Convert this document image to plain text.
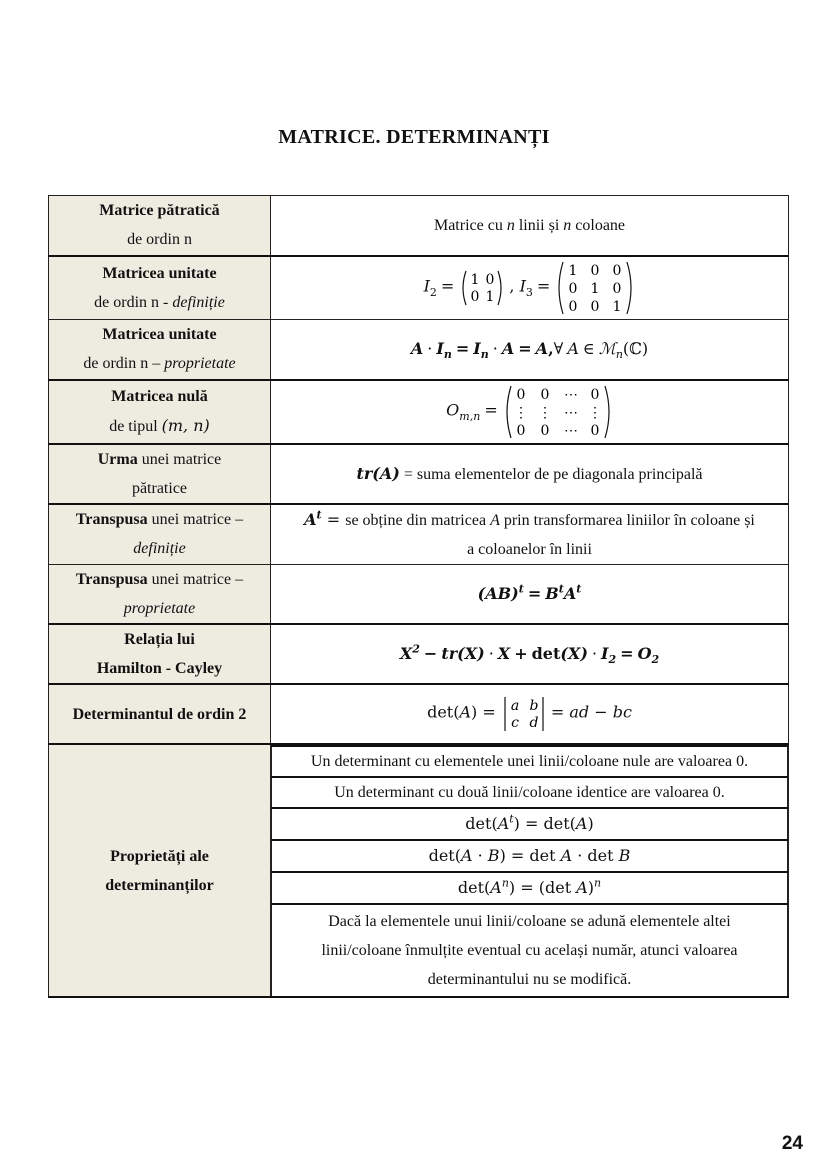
MATRICE. DETERMINANȚI
Matrice pătratică
de ordin n	Matrice cu n linii și n coloane
Matricea unitate
de ordin n - definiție	$I_2 = 1$ 0
0 1
, $I_3$ =
1 0 0
0 1 0
0 0 1

Matricea unitate
de ordin n – proprietate	$A \cdot I_n = I_n \cdot A$ = A,∀ A ∈ ℳ$_n$(ℂ)
Matricea nulă
de tipul (m, n)	$O_{m,n}$ =
0 0 ⋯ 0
⋮ ⋮ ⋯ ⋮
0 0 ⋯ 0

Urma unei matrice
pătratice	tr(A) = suma elementelor de pe diagonala principală
Transpusa unei matrice –
definiție	$A^t$ = se obține din matricea A prin transformarea liniilor în coloane și
a coloanelor în linii
Transpusa unei matrice –
proprietate	$(AB)^t = B^tA^t$
Relația lui
Hamilton - Cayley	$X^2 - tr(X) \cdot X + \det(X) \cdot I_2 = O_2$
Determinantul de ordin 2	det(A) = a b
c d
= ad − bc
Proprietăți ale
determinanților	
Un determinant cu elementele unei linii/coloane nule are valoarea 0.
Un determinant cu două linii/coloane identice are valoarea 0.
$\det(A^t) = \det(A)$
det(A · B) = det A · det B
$\det(A^n) = (\det$ A)$^n$
Dacă la elementele unui linii/coloane se adună elementele altei
linii/coloane înmulțite eventual cu același număr, atunci valoarea
determinantului nu se modifică.
24
